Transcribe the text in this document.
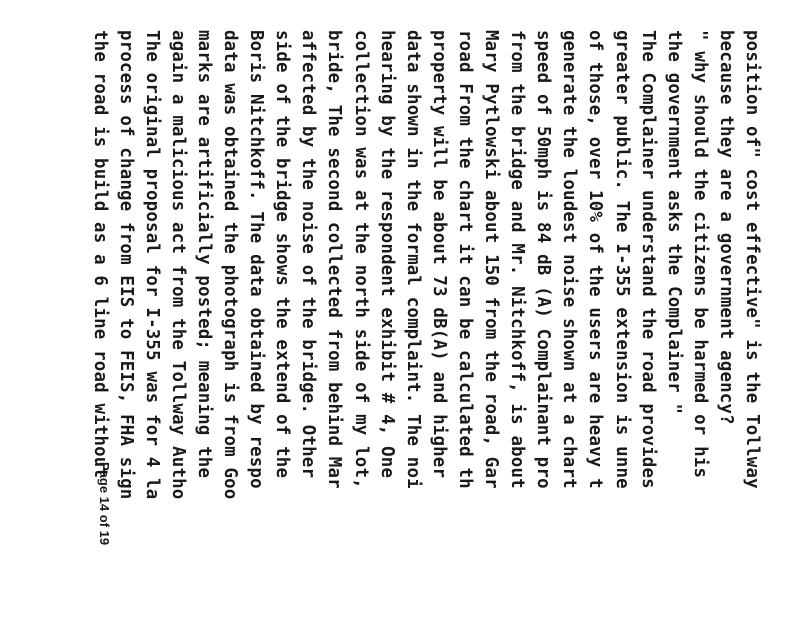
position of" cost effective" is the Tollway
because they are a government agency?
" why should the citizens be harmed or his
the government asks the Complainer "
The Complainer understand the road provides
greater public. The I-355 extension is unne
of those, over 10% of the users are heavy t
generate the loudest noise shown at a chart
speed of 50mph is 84 dB (A) Complainant pro
from the bridge and Mr. Nitchkoff, is about
Mary Pytlowski about 150 from the road, Gar
road From the chart it can be calculated th
property will be about 73 dB(A) and higher
data shown in the formal complaint. The noi
hearing by the respondent exhibit # 4, One
collection was at the north side of my lot,
bride, The second collected from behind Mar
affected by the noise of the bridge. Other
side of the bridge shows the extend of the
Boris Nitchkoff. The data obtained by respo
data was obtained the photograph is from Goo
marks are artificially posted; meaning the
again a malicious act from the Tollway Autho
The original proposal for I-355 was for 4 la
process of change from EIS to FEIS, FHA sign
the road is build as a 6 line road without
Page 14 of 19
